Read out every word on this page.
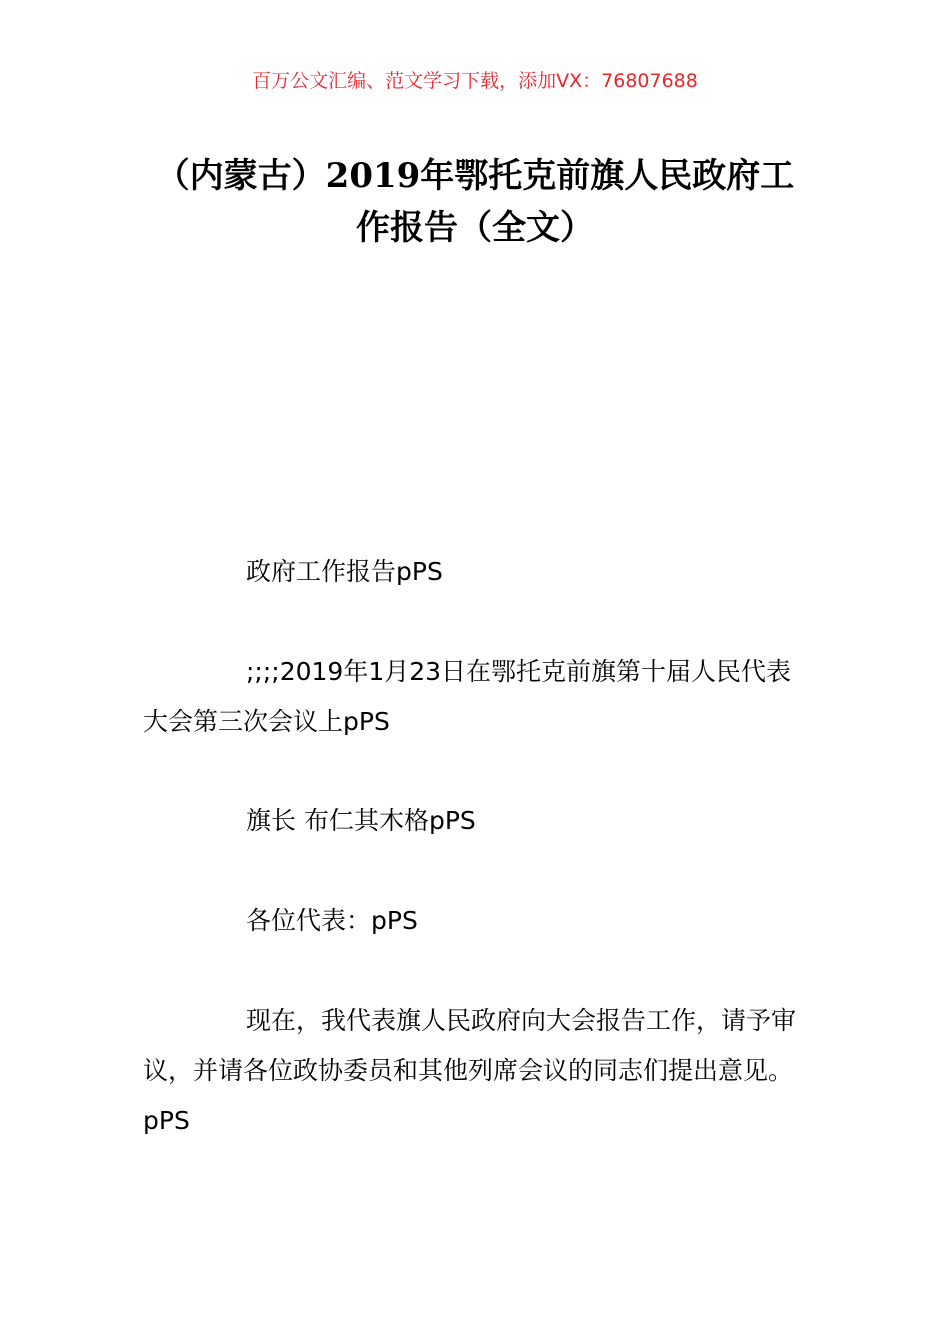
百万公文汇编、范文学习下载，添加VX：76807688
（内蒙古）2019年鄂托克前旗人民政府工
作报告（全文）

政府工作报告pPS

;;;;2019年1月23日在鄂托克前旗第十届人民代表大会第三次会议上pPS

旗长 布仁其木格pPS

各位代表：pPS

现在，我代表旗人民政府向大会报告工作，请予审议，并请各位政协委员和其他列席会议的同志们提出意见。pPS
